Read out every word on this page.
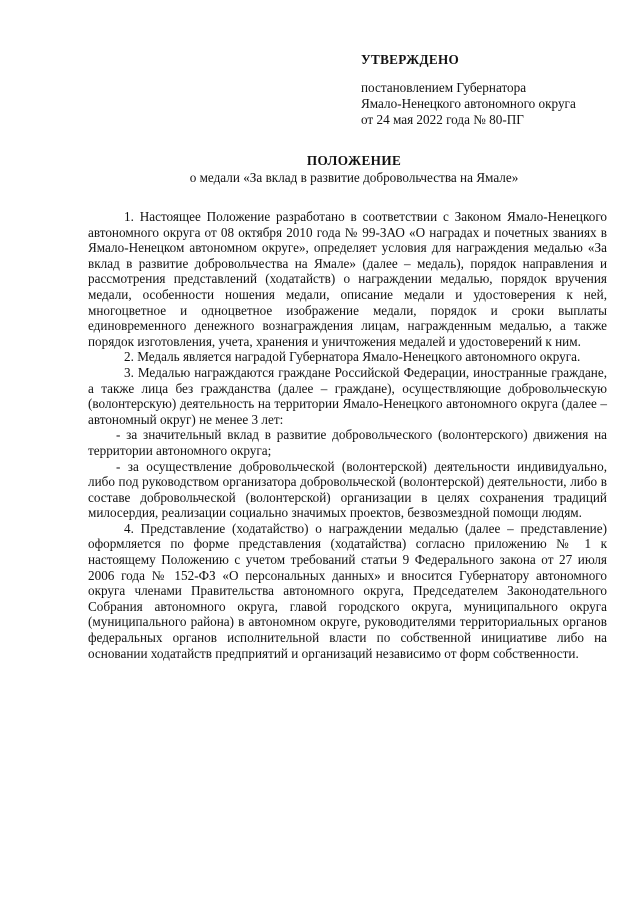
УТВЕРЖДЕНО
постановлением Губернатора
Ямало-Ненецкого автономного округа
от 24 мая 2022 года № 80-ПГ
ПОЛОЖЕНИЕ
о медали «За вклад в развитие добровольчества на Ямале»

1. Настоящее Положение разработано в соответствии с Законом Ямало-Ненецкого автономного округа от 08 октября 2010 года № 99-ЗАО «О наградах и почетных званиях в Ямало-Ненецком автономном округе», определяет условия для награждения медалью «За вклад в развитие добровольчества на Ямале» (далее – медаль), порядок направления и рассмотрения представлений (ходатайств) о награждении медалью, порядок вручения медали, особенности ношения медали, описание медали и удостоверения к ней, многоцветное и одноцветное изображение медали, порядок и сроки выплаты единовременного денежного вознаграждения лицам, награжденным медалью, а также порядок изготовления, учета, хранения и уничтожения медалей и удостоверений к ним.

2. Медаль является наградой Губернатора Ямало-Ненецкого автономного округа.

3. Медалью награждаются граждане Российской Федерации, иностранные граждане, а также лица без гражданства (далее – граждане), осуществляющие добровольческую (волонтерскую) деятельность на территории Ямало-Ненецкого автономного округа (далее – автономный округ) не менее 3 лет:

- за значительный вклад в развитие добровольческого (волонтерского) движения на территории автономного округа;

- за осуществление добровольческой (волонтерской) деятельности индивидуально, либо под руководством организатора добровольческой (волонтерской) деятельности, либо в составе добровольческой (волонтерской) организации в целях сохранения традиций милосердия, реализации социально значимых проектов, безвозмездной помощи людям.

4. Представление (ходатайство) о награждении медалью (далее – представление) оформляется по форме представления (ходатайства) согласно приложению № 1 к настоящему Положению с учетом требований статьи 9 Федерального закона от 27 июля 2006 года № 152-ФЗ «О персональных данных» и вносится Губернатору автономного округа членами Правительства автономного округа, Председателем Законодательного Собрания автономного округа, главой городского округа, муниципального округа (муниципального района) в автономном округе, руководителями территориальных органов федеральных органов исполнительной власти по собственной инициативе либо на основании ходатайств предприятий и организаций независимо от форм собственности.
